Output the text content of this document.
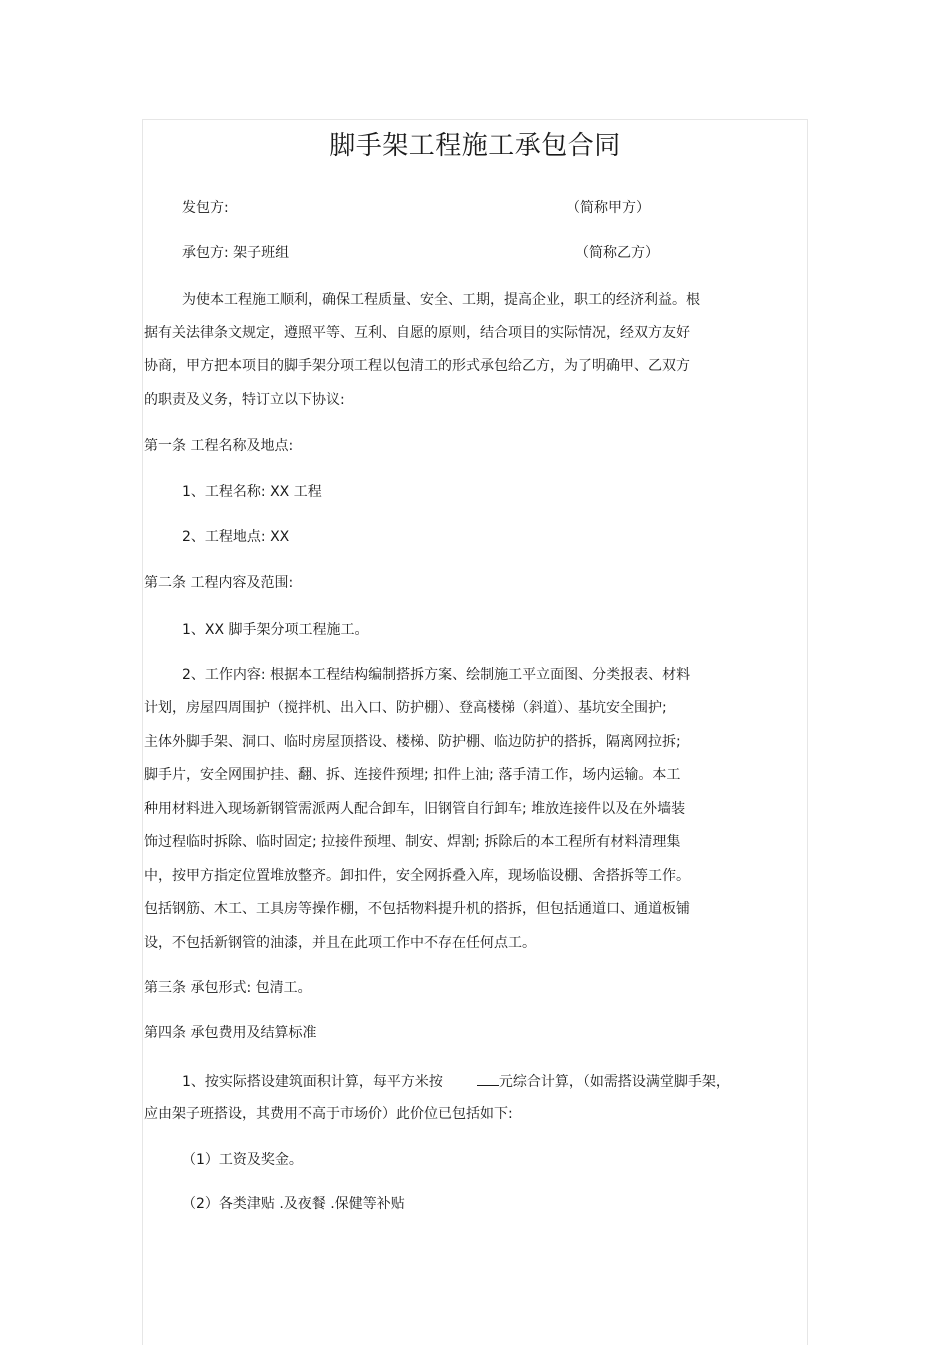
脚手架工程施工承包合同
发包方:	（简称甲方）
承包方: 架子班组	（简称乙方）
为使本工程施工顺利，确保工程质量、安全、工期，提高企业，职工的经济利益。根
据有关法律条文规定，遵照平等、互利、自愿的原则，结合项目的实际情况，经双方友好
协商，甲方把本项目的脚手架分项工程以包清工的形式承包给乙方，为了明确甲、乙双方
的职责及义务，特订立以下协议:
第一条 工程名称及地点:
1、工程名称: XX 工程
2、工程地点: XX
第二条 工程内容及范围:
1、XX 脚手架分项工程施工。
2、工作内容: 根据本工程结构编制搭拆方案、绘制施工平立面图、分类报表、材料
计划，房屋四周围护（搅拌机、出入口、防护棚）、登高楼梯（斜道）、基坑安全围护;
主体外脚手架、洞口、临时房屋顶搭设、楼梯、防护棚、临边防护的搭拆，隔离网拉拆;
脚手片，安全网围护挂、翻、拆、连接件预埋; 扣件上油; 落手清工作，场内运输。本工
种用材料进入现场新钢管需派两人配合卸车，旧钢管自行卸车; 堆放连接件以及在外墙装
饰过程临时拆除、临时固定; 拉接件预埋、制安、焊割; 拆除后的本工程所有材料清理集
中，按甲方指定位置堆放整齐。卸扣件，安全网拆叠入库，现场临设棚、舍搭拆等工作。
包括钢筋、木工、工具房等操作棚，不包括物料提升机的搭拆，但包括通道口、通道板铺
设，不包括新钢管的油漆，并且在此项工作中不存在任何点工。
第三条 承包形式: 包清工。
第四条 承包费用及结算标准
1、按实际搭设建筑面积计算，每平方米按	元综合计算，（如需搭设满堂脚手架，
应由架子班搭设，其费用不高于市场价）此价位已包括如下:
（1）工资及奖金。
（2）各类津贴 .及夜餐 .保健等补贴
